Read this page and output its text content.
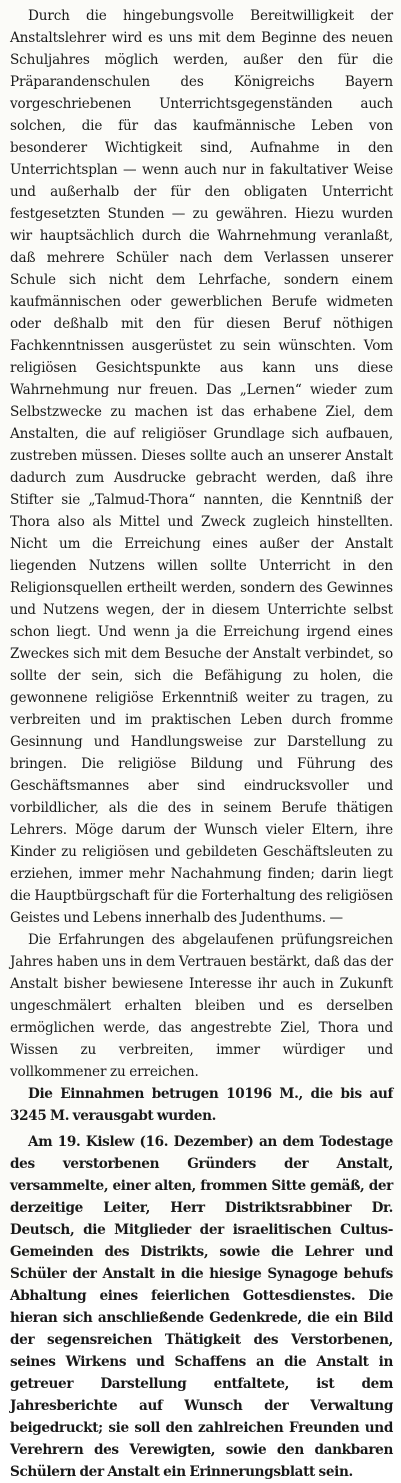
Durch die hingebungsvolle Bereitwilligkeit der Anstaltslehrer wird es uns mit dem Beginne des neuen Schuljahres möglich werden, außer den für die Präparandenschulen des Königreichs Bayern vorgeschriebenen Unterrichtsgegenständen auch solchen, die für das kaufmännische Leben von besonderer Wichtigkeit sind, Aufnahme in den Unterrichtsplan — wenn auch nur in fakultativer Weise und außerhalb der für den obligaten Unterricht festgesetzten Stunden — zu gewähren. Hiezu wurden wir hauptsächlich durch die Wahrnehmung veranlaßt, daß mehrere Schüler nach dem Verlassen unserer Schule sich nicht dem Lehrfache, sondern einem kaufmännischen oder gewerblichen Berufe widmeten oder deßhalb mit den für diesen Beruf nöthigen Fachkenntnissen ausgerüstet zu sein wünschten. Vom religiösen Gesichtspunkte aus kann uns diese Wahrnehmung nur freuen. Das „Lernen“ wieder zum Selbstzwecke zu machen ist das erhabene Ziel, dem Anstalten, die auf religiöser Grundlage sich aufbauen, zustreben müssen. Dieses sollte auch an unserer Anstalt dadurch zum Ausdrucke gebracht werden, daß ihre Stifter sie „Talmud-Thora“ nannten, die Kenntniß der Thora also als Mittel und Zweck zugleich hinstellten. Nicht um die Erreichung eines außer der Anstalt liegenden Nutzens willen sollte Unterricht in den Religionsquellen ertheilt werden, sondern des Gewinnes und Nutzens wegen, der in diesem Unterrichte selbst schon liegt. Und wenn ja die Erreichung irgend eines Zweckes sich mit dem Besuche der Anstalt verbindet, so sollte der sein, sich die Befähigung zu holen, die gewonnene religiöse Erkenntniß weiter zu tragen, zu verbreiten und im praktischen Leben durch fromme Gesinnung und Handlungsweise zur Darstellung zu bringen. Die religiöse Bildung und Führung des Geschäftsmannes aber sind eindrucksvoller und vorbildlicher, als die des in seinem Berufe thätigen Lehrers. Möge darum der Wunsch vieler Eltern, ihre Kinder zu religiösen und gebildeten Geschäftsleuten zu erziehen, immer mehr Nachahmung finden; darin liegt die Hauptbürgschaft für die Forterhaltung des religiösen Geistes und Lebens innerhalb des Judenthums. —

Die Erfahrungen des abgelaufenen prüfungsreichen Jahres haben uns in dem Vertrauen bestärkt, daß das der Anstalt bisher bewiesene Interesse ihr auch in Zukunft ungeschmälert erhalten bleiben und es derselben ermöglichen werde, das angestrebte Ziel, Thora und Wissen zu verbreiten, immer würdiger und vollkommener zu erreichen.

Die Einnahmen betrugen 10196 M., die bis auf 3245 M. verausgabt wurden.

Am 19. Kislew (16. Dezember) an dem Todestage des verstorbenen Gründers der Anstalt, versammelte, einer alten, frommen Sitte gemäß, der derzeitige Leiter, Herr Distriktsrabbiner Dr. Deutsch, die Mitglieder der israelitischen Cultus-Gemeinden des Distrikts, sowie die Lehrer und Schüler der Anstalt in die hiesige Synagoge behufs Abhaltung eines feierlichen Gottesdienstes. Die hieran sich anschließende Gedenkrede, die ein Bild der segensreichen Thätigkeit des Verstorbenen, seines Wirkens und Schaffens an die Anstalt in getreuer Darstellung entfaltete, ist dem Jahresberichte auf Wunsch der Verwaltung beigedruckt; sie soll den zahlreichen Freunden und Verehrern des Verewigten, sowie den dankbaren Schülern der Anstalt ein Erinnerungsblatt sein.
